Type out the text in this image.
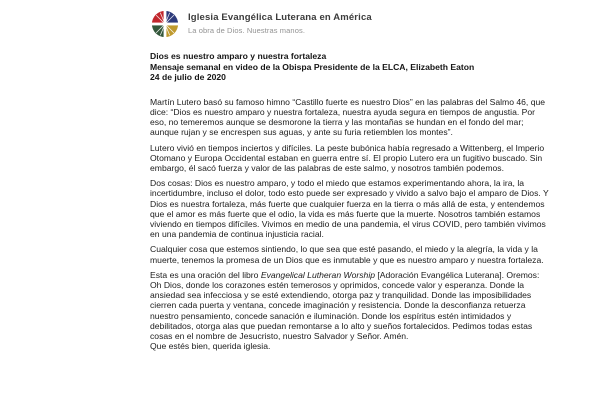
Iglesia Evangélica Luterana en América
La obra de Dios. Nuestras manos.
Dios es nuestro amparo y nuestra fortaleza
Mensaje semanal en video de la Obispa Presidente de la ELCA, Elizabeth Eaton
24 de julio de 2020

Martín Lutero basó su famoso himno “Castillo fuerte es nuestro Dios” en las palabras del Salmo 46, que dice: “Dios es nuestro amparo y nuestra fortaleza, nuestra ayuda segura en tiempos de angustia. Por eso, no temeremos aunque se desmorone la tierra y las montañas se hundan en el fondo del mar; aunque rujan y se encrespen sus aguas, y ante su furia retiemblen los montes”.

Lutero vivió en tiempos inciertos y difíciles. La peste bubónica había regresado a Wittenberg, el Imperio Otomano y Europa Occidental estaban en guerra entre sí. El propio Lutero era un fugitivo buscado. Sin embargo, él sacó fuerza y valor de las palabras de este salmo, y nosotros también podemos.

Dos cosas: Dios es nuestro amparo, y todo el miedo que estamos experimentando ahora, la ira, la incertidumbre, incluso el dolor, todo esto puede ser expresado y vivido a salvo bajo el amparo de Dios. Y Dios es nuestra fortaleza, más fuerte que cualquier fuerza en la tierra o más allá de esta, y entendemos que el amor es más fuerte que el odio, la vida es más fuerte que la muerte. Nosotros también estamos viviendo en tiempos difíciles. Vivimos en medio de una pandemia, el virus COVID, pero también vivimos en una pandemia de continua injusticia racial.

Cualquier cosa que estemos sintiendo, lo que sea que esté pasando, el miedo y la alegría, la vida y la muerte, tenemos la promesa de un Dios que es inmutable y que es nuestro amparo y nuestra fortaleza.

Esta es una oración del libro Evangelical Lutheran Worship [Adoración Evangélica Luterana]. Oremos: Oh Dios, donde los corazones estén temerosos y oprimidos, concede valor y esperanza. Donde la ansiedad sea infecciosa y se esté extendiendo, otorga paz y tranquilidad. Donde las imposibilidades cierren cada puerta y ventana, concede imaginación y resistencia. Donde la desconfianza retuerza nuestro pensamiento, concede sanación e iluminación. Donde los espíritus estén intimidados y debilitados, otorga alas que puedan remontarse a lo alto y sueños fortalecidos. Pedimos todas estas cosas en el nombre de Jesucristo, nuestro Salvador y Señor. Amén.

Que estés bien, querida iglesia.
